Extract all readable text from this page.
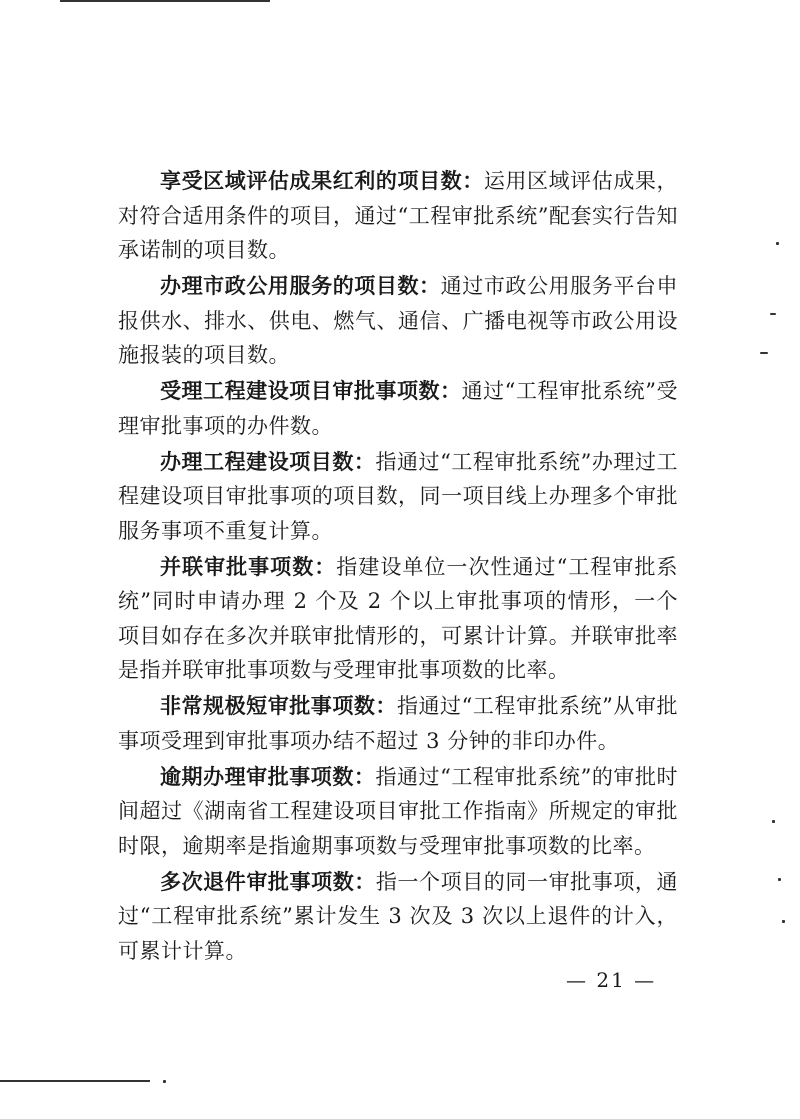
享受区域评估成果红利的项目数：运用区域评估成果，对符合适用条件的项目，通过“工程审批系统”配套实行告知承诺制的项目数。

办理市政公用服务的项目数：通过市政公用服务平台申报供水、排水、供电、燃气、通信、广播电视等市政公用设施报装的项目数。

受理工程建设项目审批事项数：通过“工程审批系统”受理审批事项的办件数。

办理工程建设项目数：指通过“工程审批系统”办理过工程建设项目审批事项的项目数，同一项目线上办理多个审批服务事项不重复计算。

并联审批事项数：指建设单位一次性通过“工程审批系统”同时申请办理 2 个及 2 个以上审批事项的情形，一个项目如存在多次并联审批情形的，可累计计算。并联审批率是指并联审批事项数与受理审批事项数的比率。

非常规极短审批事项数：指通过“工程审批系统”从审批事项受理到审批事项办结不超过 3 分钟的非印办件。

逾期办理审批事项数：指通过“工程审批系统”的审批时间超过《湖南省工程建设项目审批工作指南》所规定的审批时限，逾期率是指逾期事项数与受理审批事项数的比率。

多次退件审批事项数：指一个项目的同一审批事项，通过“工程审批系统”累计发生 3 次及 3 次以上退件的计入，可累计计算。

— 21 —
